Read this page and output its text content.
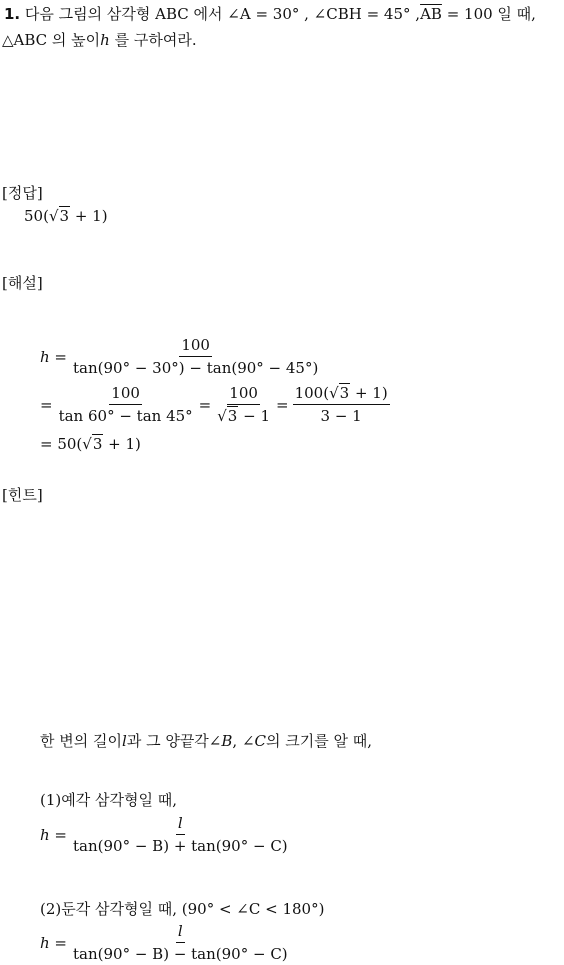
1. 다음 그림의 삼각형 ABC 에서 ∠A = 30° , ∠CBH = 45° $,\overline{AB} = 100$ 일 때,
△ABC 의 높이h 를 구하여라.
[정답]
50(√3 + 1)
[해설]
$h = \frac{100}{\tan(90^\circ - 30^\circ) - \tan(90^\circ - 45^\circ)}$
= $\frac{100}{\tan 60^\circ - \tan 45^\circ} = \frac{100}{√3 - 1} = \frac{100(√3 + 1)}{3 - 1}$
= 50(√3 + 1)
[힌트]
한 변의 길이l과 그 양끝각∠B, ∠C의 크기를 알 때,
(1)예각 삼각형일 때,
$h = \frac{l}{\tan(90^\circ - B) + \tan(90^\circ - C)}$
(2)둔각 삼각형일 때, (90° < ∠C < 180°)
$h = \frac{l}{\tan(90^\circ - B) - \tan(90^\circ - C)}$
